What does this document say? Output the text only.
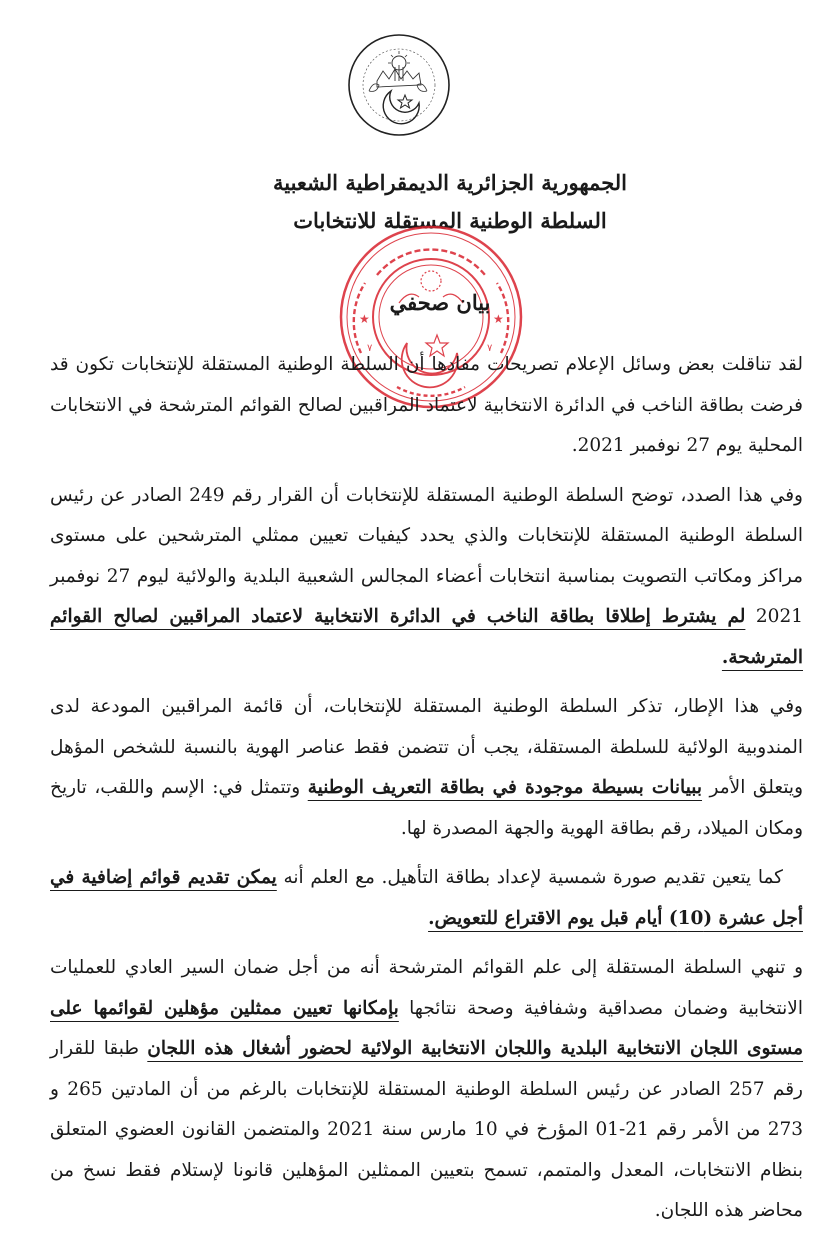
الجمهورية الجزائرية الديمقراطية الشعبية
السلطة الوطنية المستقلة للانتخابات
★	★
٧	٧
بيان صحفي

لقد تناقلت بعض وسائل الإعلام تصريحات مفادها أن السلطة الوطنية المستقلة للإنتخابات تكون قد فرضت بطاقة الناخب في الدائرة الانتخابية لاعتماد المراقبين لصالح القوائم المترشحة في الانتخابات المحلية يوم 27 نوفمبر 2021.

وفي هذا الصدد، توضح السلطة الوطنية المستقلة للإنتخابات أن القرار رقم 249 الصادر عن رئيس السلطة الوطنية المستقلة للإنتخابات والذي يحدد كيفيات تعيين ممثلي المترشحين على مستوى مراكز ومكاتب التصويت بمناسبة انتخابات أعضاء المجالس الشعبية البلدية والولائية ليوم 27 نوفمبر 2021 لم يشترط إطلاقا بطاقة الناخب في الدائرة الانتخابية لاعتماد المراقبين لصالح القوائم المترشحة.

وفي هذا الإطار، تذكر السلطة الوطنية المستقلة للإنتخابات، أن قائمة المراقبين المودعة لدى المندوبية الولائية للسلطة المستقلة، يجب أن تتضمن فقط عناصر الهوية بالنسبة للشخص المؤهل ويتعلق الأمر ببيانات بسيطة موجودة في بطاقة التعريف الوطنية وتتمثل في: الإسم واللقب، تاريخ ومكان الميلاد، رقم بطاقة الهوية والجهة المصدرة لها.

كما يتعين تقديم صورة شمسية لإعداد بطاقة التأهيل. مع العلم أنه يمكن تقديم قوائم إضافية في أجل عشرة (10) أيام قبل يوم الاقتراع للتعويض.

و تنهي السلطة المستقلة إلى علم القوائم المترشحة أنه من أجل ضمان السير العادي للعمليات الانتخابية وضمان مصداقية وشفافية وصحة نتائجها بإمكانها تعيين ممثلين مؤهلين لقوائمها على مستوى اللجان الانتخابية البلدية واللجان الانتخابية الولائية لحضور أشغال هذه اللجان طبقا للقرار رقم 257 الصادر عن رئيس السلطة الوطنية المستقلة للإنتخابات بالرغم من أن المادتين 265 و 273 من الأمر رقم 21-01 المؤرخ في 10 مارس سنة 2021 والمتضمن القانون العضوي المتعلق بنظام الانتخابات، المعدل والمتمم، تسمح بتعيين الممثلين المؤهلين قانونا لإستلام فقط نسخ من محاضر هذه اللجان.
